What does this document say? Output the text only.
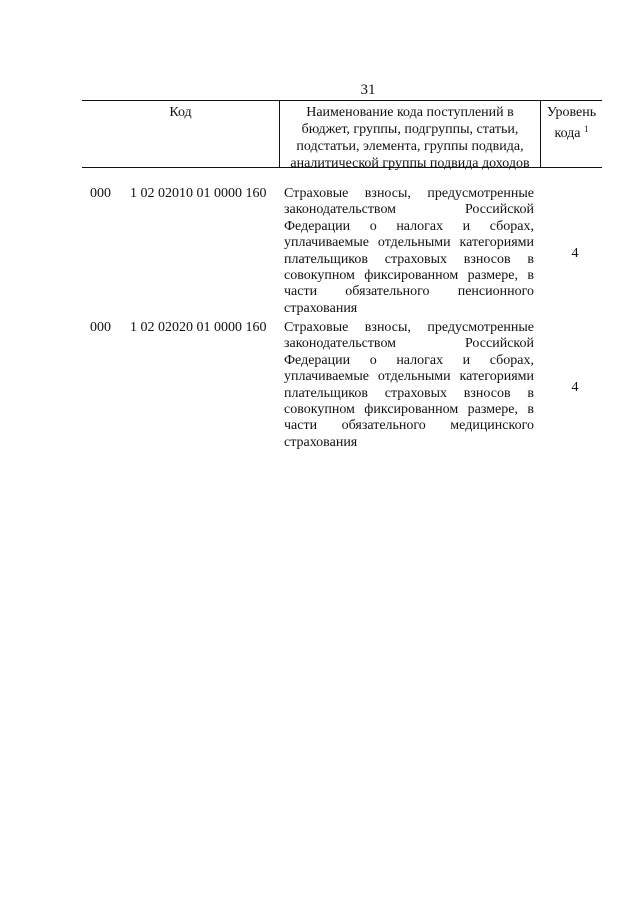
31
Код	Наименование кода поступлений в
бюджет, группы, подгруппы, статьи,
подстатьи, элемента, группы подвида,
аналитической группы подвида доходов
Уровень
кода $^1$
000 1 02 02010 01 0000 160 Страховые взносы, предусмотренные
законодательством Российской
Федерации о налогах и сборах,
уплачиваемые отдельными категориями
плательщиков страховых взносов в
совокупном фиксированном размере, в
части обязательного пенсионного
страхования
4
000 1 02 02020 01 0000 160 Страховые взносы, предусмотренные
законодательством Российской
Федерации о налогах и сборах,
уплачиваемые отдельными категориями
плательщиков страховых взносов в
совокупном фиксированном размере, в
части обязательного медицинского
страхования
4
